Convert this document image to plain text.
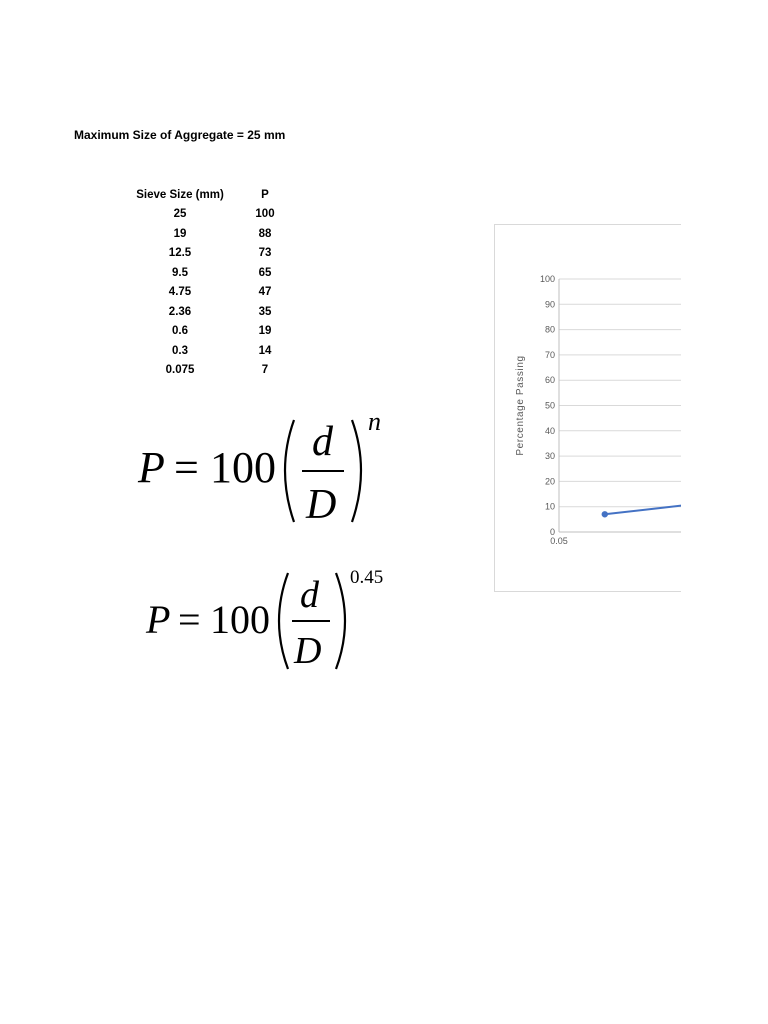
Maximum Size of Aggregate = 25 mm
Sieve Size (mm)	P
25	100
19	88
12.5	73
9.5	65
4.75	47
2.36	35
0.6	19
0.3	14
0.075	7
P = 100
d
D
n
P = 100
d
D
0.45
0
10
20
30
40
50
60
70
80
90
100
0.05
Percentage Passing
